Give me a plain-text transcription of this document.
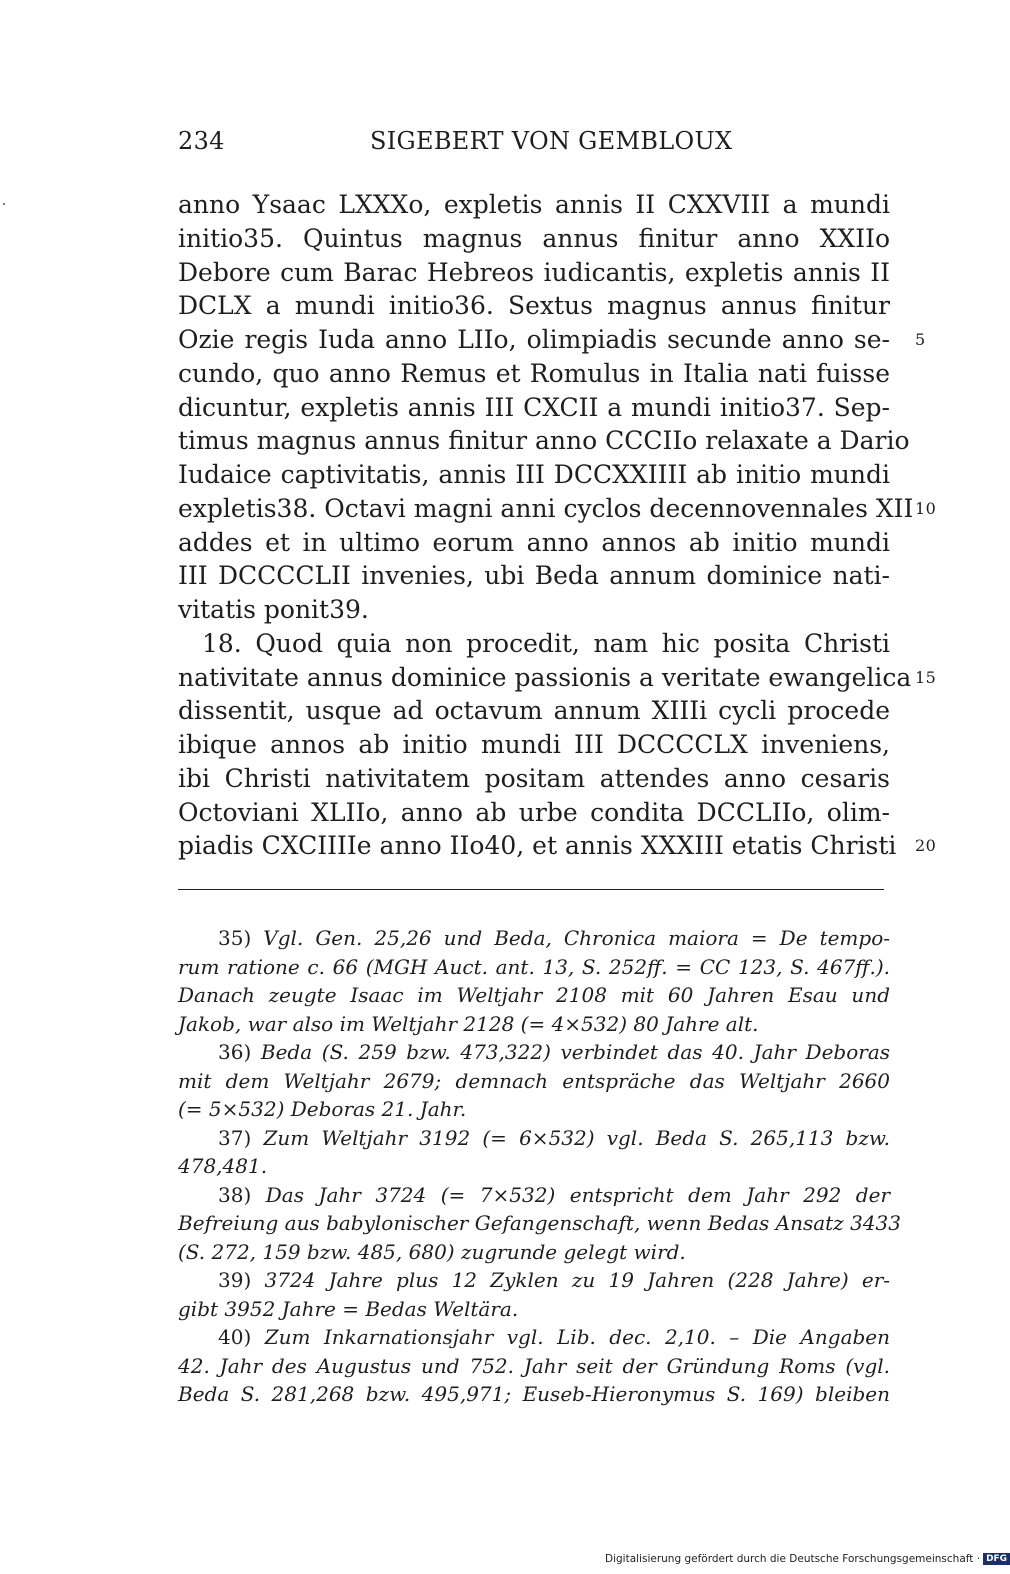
234	SIGEBERT VON GEMBLOUX
anno Ysaac LXXXo, expletis annis II CXXVIII a mundi
initio35. Quintus magnus annus finitur anno XXIIo
Debore cum Barac Hebreos iudicantis, expletis annis II
DCLX a mundi initio36. Sextus magnus annus finitur
Ozie regis Iuda anno LIIo, olimpiadis secunde anno se- 5
cundo, quo anno Remus et Romulus in Italia nati fuisse
dicuntur, expletis annis III CXCII a mundi initio37. Sep-
timus magnus annus finitur anno CCCIIo relaxate a Dario
Iudaice captivitatis, annis III DCCXXIIII ab initio mundi
expletis38. Octavi magni anni cyclos decennovennales XII 10
addes et in ultimo eorum anno annos ab initio mundi
III DCCCCLII invenies, ubi Beda annum dominice nati-
vitatis ponit39.
18. Quod quia non procedit, nam hic posita Christi
nativitate annus dominice passionis a veritate ewangelica 15
dissentit, usque ad octavum annum XIIIi cycli procede
ibique annos ab initio mundi III DCCCCLX inveniens,
ibi Christi nativitatem positam attendes anno cesaris
Octoviani XLIIo, anno ab urbe condita DCCLIIo, olim-
piadis CXCIIIIe anno IIo40, et annis XXXIII etatis Christi 20
35) Vgl. Gen. 25,26 und Beda, Chronica maiora = De tempo-
rum ratione c. 66 (MGH Auct. ant. 13, S. 252ff. = CC 123, S. 467ff.).
Danach zeugte Isaac im Weltjahr 2108 mit 60 Jahren Esau und
Jakob, war also im Weltjahr 2128 (= 4×532) 80 Jahre alt.
36) Beda (S. 259 bzw. 473,322) verbindet das 40. Jahr Deboras
mit dem Weltjahr 2679; demnach entspräche das Weltjahr 2660
(= 5×532) Deboras 21. Jahr.
37) Zum Weltjahr 3192 (= 6×532) vgl. Beda S. 265,113 bzw.
478,481.
38) Das Jahr 3724 (= 7×532) entspricht dem Jahr 292 der
Befreiung aus babylonischer Gefangenschaft, wenn Bedas Ansatz 3433
(S. 272, 159 bzw. 485, 680) zugrunde gelegt wird.
39) 3724 Jahre plus 12 Zyklen zu 19 Jahren (228 Jahre) er-
gibt 3952 Jahre = Bedas Weltära.
40) Zum Inkarnationsjahr vgl. Lib. dec. 2,10. – Die Angaben
42. Jahr des Augustus und 752. Jahr seit der Gründung Roms (vgl.
Beda S. 281,268 bzw. 495,971; Euseb-Hieronymus S. 169) bleiben
Digitalisierung gefördert durch die Deutsche Forschungsgemeinschaft · DFG
